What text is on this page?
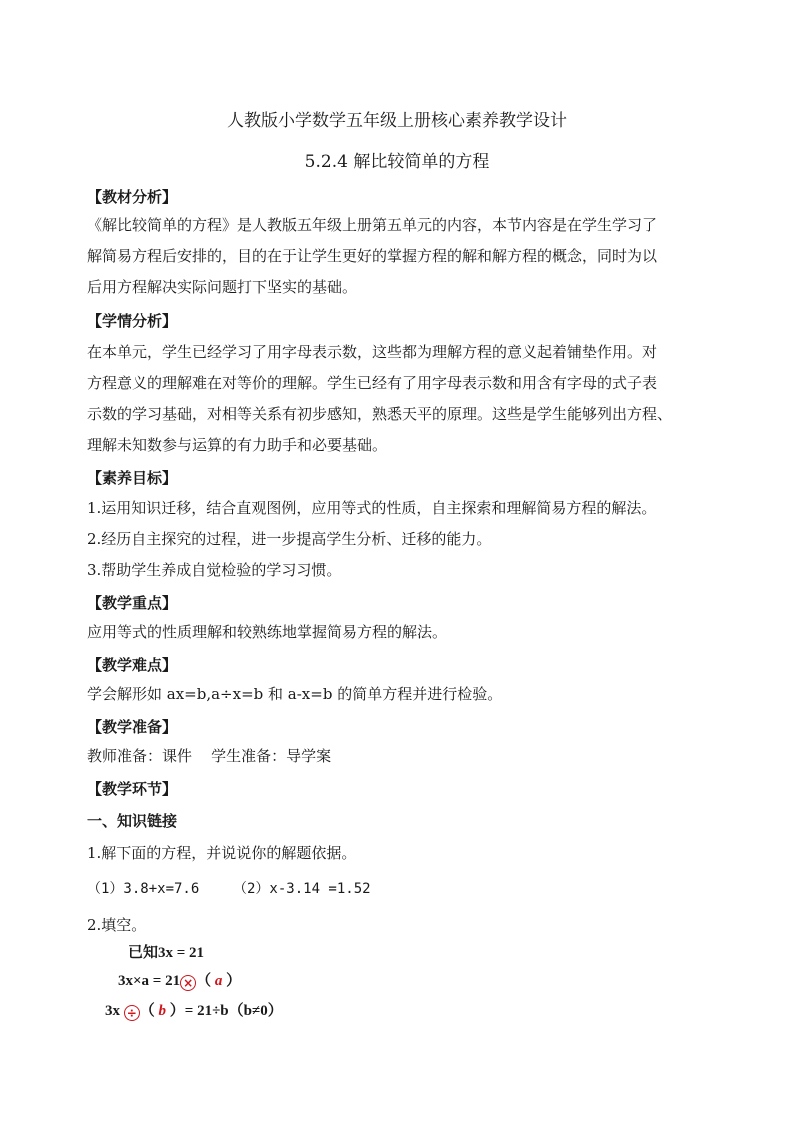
人教版小学数学五年级上册核心素养教学设计
5.2.4 解比较简单的方程
【教材分析】
《解比较简单的方程》是人教版五年级上册第五单元的内容，本节内容是在学生学习了
解简易方程后安排的，目的在于让学生更好的掌握方程的解和解方程的概念，同时为以
后用方程解决实际问题打下坚实的基础。
【学情分析】
在本单元，学生已经学习了用字母表示数，这些都为理解方程的意义起着铺垫作用。对
方程意义的理解难在对等价的理解。学生已经有了用字母表示数和用含有字母的式子表
示数的学习基础，对相等关系有初步感知，熟悉天平的原理。这些是学生能够列出方程、
理解未知数参与运算的有力助手和必要基础。
【素养目标】
1.运用知识迁移，结合直观图例，应用等式的性质，自主探索和理解简易方程的解法。
2.经历自主探究的过程，进一步提高学生分析、迁移的能力。
3.帮助学生养成自觉检验的学习习惯。
【教学重点】
应用等式的性质理解和较熟练地掌握简易方程的解法。
【教学难点】
学会解形如 ax=b,a÷x=b 和 a-x=b 的简单方程并进行检验。
【教学准备】
教师准备：课件    学生准备：导学案
【教学环节】
一、知识链接
1.解下面的方程，并说说你的解题依据。
（1）3.8+x=7.6    （2）x-3.14 =1.52
2.填空。
已知3x = 21
3x×a = 21 × （ a ）
3x ÷ （ b ）= 21÷b（b≠0）
